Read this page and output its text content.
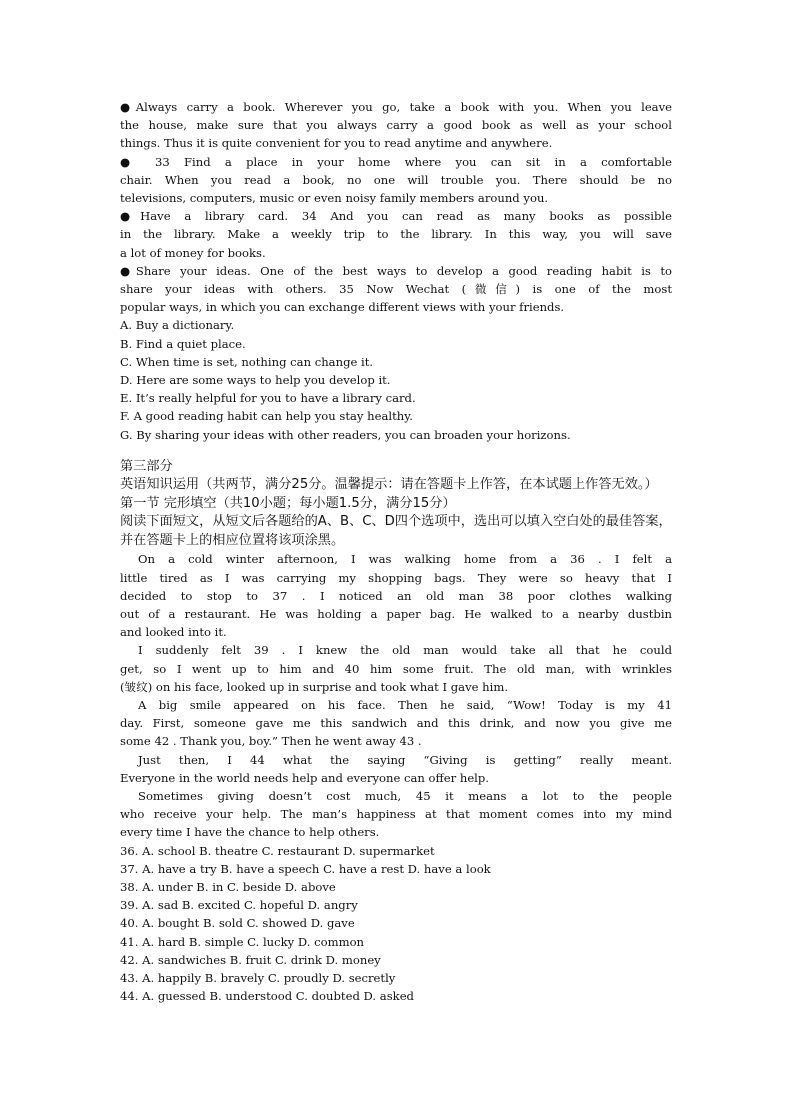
●Always carry a book. Wherever you go, take a book with you. When you leave
the house, make sure that you always carry a good book as well as your school
things. Thus it is quite convenient for you to read anytime and anywhere.

● 33 Find a place in your home where you can sit in a comfortable
chair. When you read a book, no one will trouble you. There should be no
televisions, computers, music or even noisy family members around you.

●Have a library card. 34 And you can read as many books as possible
in the library. Make a weekly trip to the library. In this way, you will save
a lot of money for books.

●Share your ideas. One of the best ways to develop a good reading habit is to
share your ideas with others. 35 Now Wechat (微信) is one of the most
popular ways, in which you can exchange different views with your friends.

A. Buy a dictionary.

B. Find a quiet place.

C. When time is set, nothing can change it.

D. Here are some ways to help you develop it.

E. It’s really helpful for you to have a library card.

F. A good reading habit can help you stay healthy.

G. By sharing your ideas with other readers, you can broaden your horizons.

第三部分

英语知识运用（共两节，满分25分。温馨提示：请在答题卡上作答，在本试题上作答无效。）

第一节 完形填空（共10小题；每小题1.5分，满分15分）

阅读下面短文，从短文后各题给的A、B、C、D四个选项中，选出可以填入空白处的最佳答案，并在答题卡上的相应位置将该项涂黑。

On a cold winter afternoon, I was walking home from a 36 . I felt a
little tired as I was carrying my shopping bags. They were so heavy that I
decided to stop to 37 . I noticed an old man 38 poor clothes walking
out of a restaurant. He was holding a paper bag. He walked to a nearby dustbin
and looked into it.

I suddenly felt 39 . I knew the old man would take all that he could
get, so I went up to him and 40 him some fruit. The old man, with wrinkles
(皱纹) on his face, looked up in surprise and took what I gave him.

A big smile appeared on his face. Then he said, “Wow! Today is my 41
day. First, someone gave me this sandwich and this drink, and now you give me
some 42 . Thank you, boy.” Then he went away 43 .

Just then, I 44 what the saying “Giving is getting” really meant.
Everyone in the world needs help and everyone can offer help.

Sometimes giving doesn’t cost much, 45 it means a lot to the people
who receive your help. The man’s happiness at that moment comes into my mind
every time I have the chance to help others.

36. A. school B. theatre C. restaurant D. supermarket

37. A. have a try B. have a speech C. have a rest D. have a look

38. A. under B. in C. beside D. above

39. A. sad B. excited C. hopeful D. angry

40. A. bought B. sold C. showed D. gave

41. A. hard B. simple C. lucky D. common

42. A. sandwiches B. fruit C. drink D. money

43. A. happily B. bravely C. proudly D. secretly

44. A. guessed B. understood C. doubted D. asked
